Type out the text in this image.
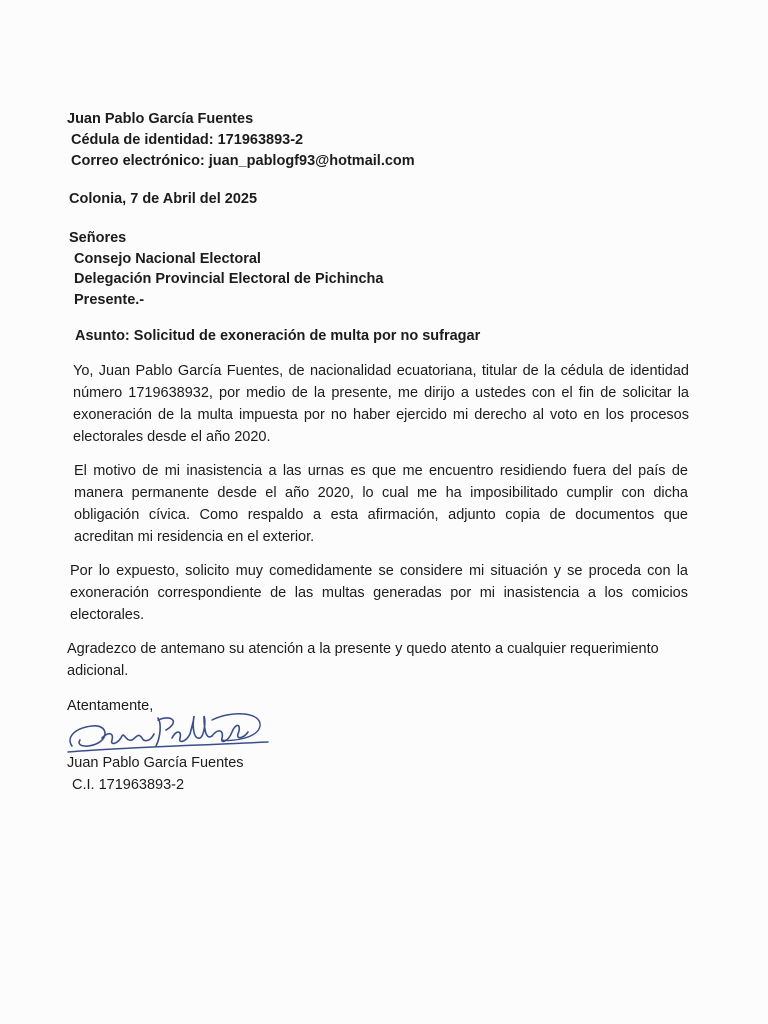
Juan Pablo García Fuentes
Cédula de identidad: 171963893-2
Correo electrónico: juan_pablogf93@hotmail.com
Colonia, 7 de Abril del 2025
Señores
Consejo Nacional Electoral
Delegación Provincial Electoral de Pichincha
Presente.-
Asunto: Solicitud de exoneración de multa por no sufragar
Yo, Juan Pablo García Fuentes, de nacionalidad ecuatoriana, titular de la cédula de identidad número 1719638932, por medio de la presente, me dirijo a ustedes con el fin de solicitar la exoneración de la multa impuesta por no haber ejercido mi derecho al voto en los procesos electorales desde el año 2020.
El motivo de mi inasistencia a las urnas es que me encuentro residiendo fuera del país de manera permanente desde el año 2020, lo cual me ha imposibilitado cumplir con dicha obligación cívica. Como respaldo a esta afirmación, adjunto copia de documentos que acreditan mi residencia en el exterior.
Por lo expuesto, solicito muy comedidamente se considere mi situación y se proceda con la exoneración correspondiente de las multas generadas por mi inasistencia a los comicios electorales.
Agradezco de antemano su atención a la presente y quedo atento a cualquier requerimiento adicional.
Atentamente,
Juan Pablo García Fuentes
C.I. 171963893-2
